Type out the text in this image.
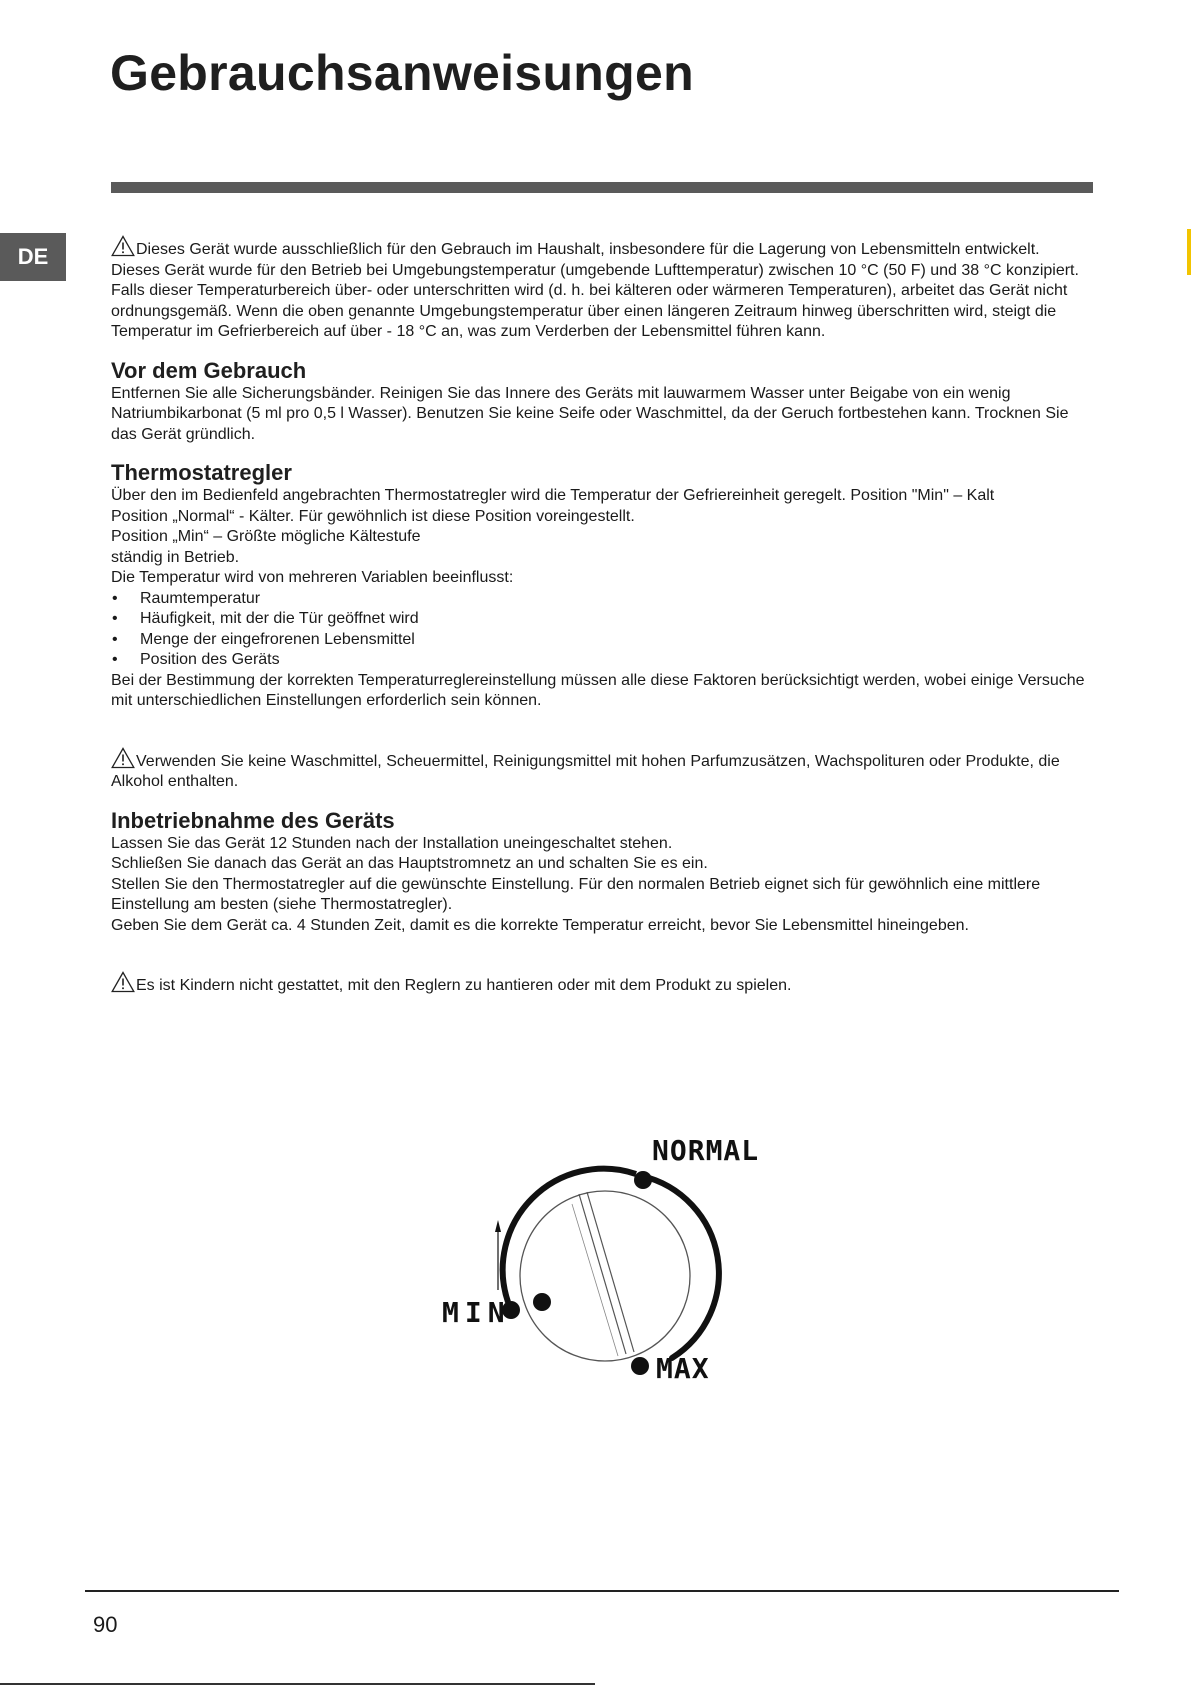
Gebrauchsanweisungen
DE	Dieses Gerät wurde ausschließlich für den Gebrauch im Haushalt, insbesondere für die Lagerung von Lebensmitteln entwickelt.

Dieses Gerät wurde für den Betrieb bei Umgebungstemperatur (umgebende Lufttemperatur) zwischen 10 °C (50 F) und 38 °C konzipiert.

Falls dieser Temperaturbereich über- oder unterschritten wird (d. h. bei kälteren oder wärmeren Temperaturen), arbeitet das Gerät nicht ordnungsgemäß. Wenn die oben genannte Umgebungstemperatur über einen längeren Zeitraum hinweg überschritten wird, steigt die Temperatur im Gefrierbereich auf über - 18 °C an, was zum Verderben der Lebensmittel führen kann.

Vor dem Gebrauch

Entfernen Sie alle Sicherungsbänder. Reinigen Sie das Innere des Geräts mit lauwarmem Wasser unter Beigabe von ein wenig Natriumbikarbonat (5 ml pro 0,5 l Wasser). Benutzen Sie keine Seife oder Waschmittel, da der Geruch fortbestehen kann. Trocknen Sie das Gerät gründlich.

Thermostatregler

Über den im Bedienfeld angebrachten Thermostatregler wird die Temperatur der Gefriereinheit geregelt. Position "Min" – Kalt

Position „Normal“ - Kälter. Für gewöhnlich ist diese Position voreingestellt.

Position „Min“ – Größte mögliche Kältestufe

ständig in Betrieb.

Die Temperatur wird von mehreren Variablen beeinflusst:

• Raumtemperatur
• Häufigkeit, mit der die Tür geöffnet wird
• Menge der eingefrorenen Lebensmittel
• Position des Geräts

Bei der Bestimmung der korrekten Temperaturreglereinstellung müssen alle diese Faktoren berücksichtigt werden, wobei einige Versuche mit unterschiedlichen Einstellungen erforderlich sein können.

Verwenden Sie keine Waschmittel, Scheuermittel, Reinigungsmittel mit hohen Parfumzusätzen, Wachspolituren oder Produkte, die Alkohol enthalten.

Inbetriebnahme des Geräts

Lassen Sie das Gerät 12 Stunden nach der Installation uneingeschaltet stehen.

Schließen Sie danach das Gerät an das Hauptstromnetz an und schalten Sie es ein.

Stellen Sie den Thermostatregler auf die gewünschte Einstellung. Für den normalen Betrieb eignet sich für gewöhnlich eine mittlere Einstellung am besten (siehe Thermostatregler).

Geben Sie dem Gerät ca. 4 Stunden Zeit, damit es die korrekte Temperatur erreicht, bevor Sie Lebensmittel hineingeben.

Es ist Kindern nicht gestattet, mit den Reglern zu hantieren oder mit dem Produkt zu spielen.

NORMAL
MIN
MAX
90
